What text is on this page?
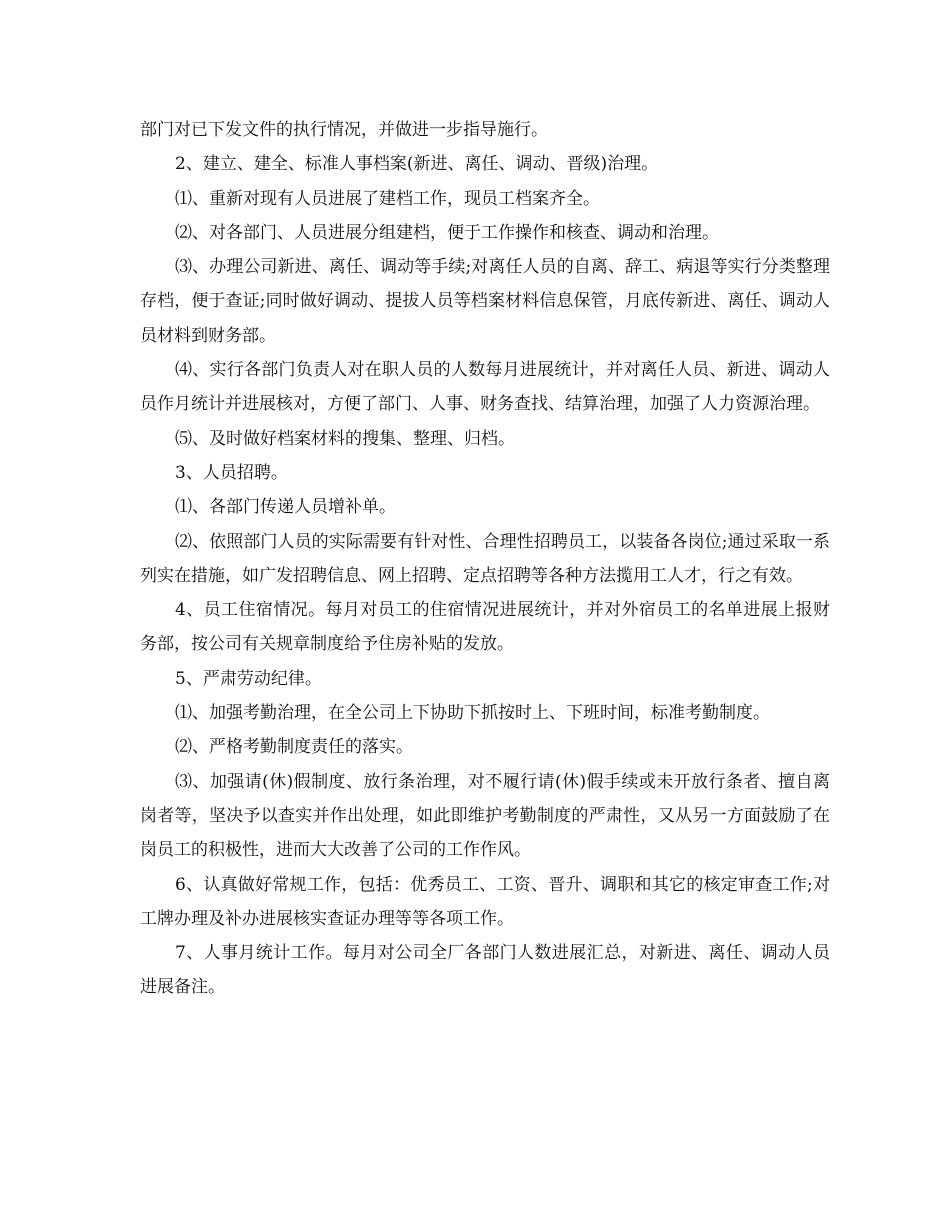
部门对已下发文件的执行情况，并做进一步指导施行。

2、建立、建全、标准人事档案(新进、离任、调动、晋级)治理。

⑴、重新对现有人员进展了建档工作，现员工档案齐全。

⑵、对各部门、人员进展分组建档，便于工作操作和核查、调动和治理。

⑶、办理公司新进、离任、调动等手续;对离任人员的自离、辞工、病退等实行分类整理存档，便于查证;同时做好调动、提拔人员等档案材料信息保管，月底传新进、离任、调动人员材料到财务部。

⑷、实行各部门负责人对在职人员的人数每月进展统计，并对离任人员、新进、调动人员作月统计并进展核对，方便了部门、人事、财务查找、结算治理，加强了人力资源治理。

⑸、及时做好档案材料的搜集、整理、归档。

3、人员招聘。

⑴、各部门传递人员增补单。

⑵、依照部门人员的实际需要有针对性、合理性招聘员工，以装备各岗位;通过采取一系列实在措施，如广发招聘信息、网上招聘、定点招聘等各种方法揽用工人才，行之有效。

4、员工住宿情况。每月对员工的住宿情况进展统计，并对外宿员工的名单进展上报财务部，按公司有关规章制度给予住房补贴的发放。

5、严肃劳动纪律。

⑴、加强考勤治理，在全公司上下协助下抓按时上、下班时间，标准考勤制度。

⑵、严格考勤制度责任的落实。

⑶、加强请(休)假制度、放行条治理，对不履行请(休)假手续或未开放行条者、擅自离岗者等，坚决予以查实并作出处理，如此即维护考勤制度的严肃性，又从另一方面鼓励了在岗员工的积极性，进而大大改善了公司的工作作风。

6、认真做好常规工作，包括：优秀员工、工资、晋升、调职和其它的核定审查工作;对工牌办理及补办进展核实查证办理等等各项工作。

7、人事月统计工作。每月对公司全厂各部门人数进展汇总，对新进、离任、调动人员进展备注。
